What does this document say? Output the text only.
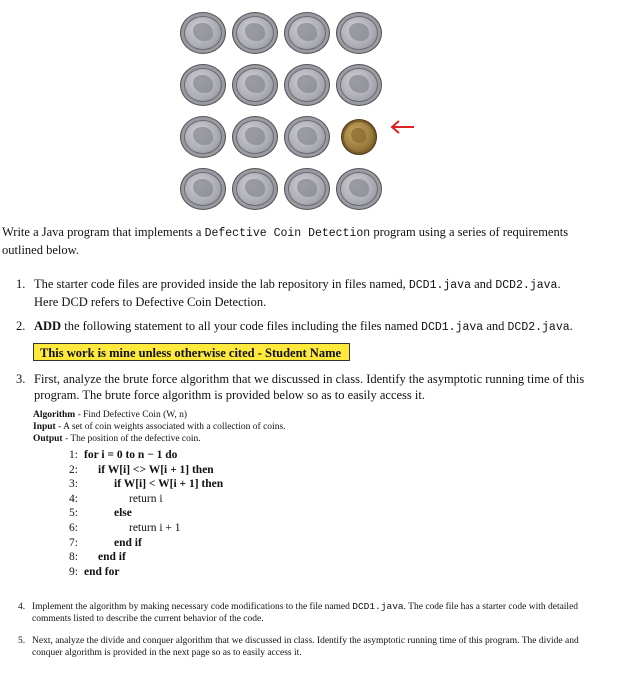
Write a Java program that implements a Defective Coin Detection program using a series of requirements outlined below.
1. The starter code files are provided inside the lab repository in files named, DCD1.java and DCD2.java.
Here DCD refers to Defective Coin Detection.
2. ADD the following statement to all your code files including the files named DCD1.java and DCD2.java.
This work is mine unless otherwise cited - Student Name
3. First, analyze the brute force algorithm that we discussed in class. Identify the asymptotic running time of this program. The brute force algorithm is provided below so as to easily access it.
Algorithm - Find Defective Coin (W, n)
Input - A set of coin weights associated with a collection of coins.
Output - The position of the defective coin.
1: for i = 0 to n − 1 do
2: if W[i] <> W[i + 1] then
3:	if W[i] < W[i + 1] then
4:	return i
5:	else
6:	return i + 1
7:	end if
8: end if
9: end for
4. Implement the algorithm by making necessary code modifications to the file named DCD1.java. The code file has a starter code with detailed comments listed to describe the current behavior of the code.
5. Next, analyze the divide and conquer algorithm that we discussed in class. Identify the asymptotic running time of this program. The divide and conquer algorithm is provided in the next page so as to easily access it.
